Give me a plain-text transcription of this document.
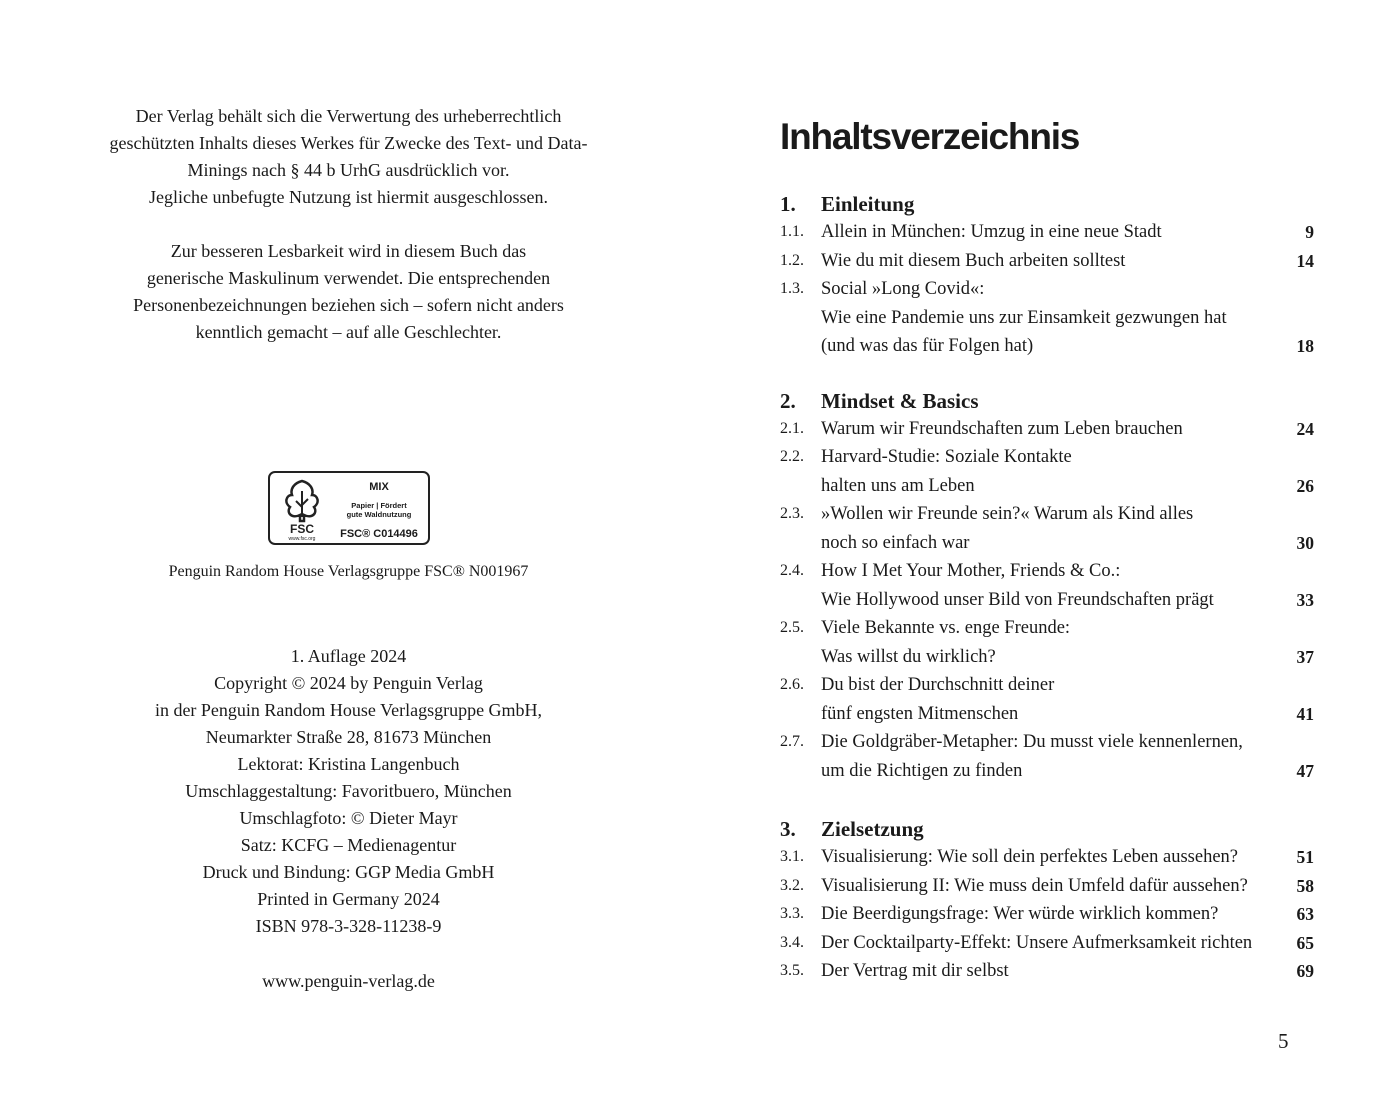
Der Verlag behält sich die Verwertung des urheberrechtlich
geschützten Inhalts dieses Werkes für Zwecke des Text- und Data-
Minings nach § 44 b UrhG ausdrücklich vor.
Jegliche unbefugte Nutzung ist hiermit ausgeschlossen.
Zur besseren Lesbarkeit wird in diesem Buch das
generische Maskulinum verwendet. Die entsprechenden
Personenbezeichnungen beziehen sich – sofern nicht anders
kenntlich gemacht – auf alle Geschlechter.
FSC
www.fsc.org
MIX
Papier | Fördert
gute Waldnutzung
FSC® C014496
Penguin Random House Verlagsgruppe FSC® N001967
1. Auflage 2024
Copyright © 2024 by Penguin Verlag
in der Penguin Random House Verlagsgruppe GmbH,
Neumarkter Straße 28, 81673 München
Lektorat: Kristina Langenbuch
Umschlaggestaltung: Favoritbuero, München
Umschlagfoto: © Dieter Mayr
Satz: KCFG – Medienagentur
Druck und Bindung: GGP Media GmbH
Printed in Germany 2024
ISBN 978-3-328-11238-9
www.penguin-verlag.de
Inhaltsverzeichnis
1.	Einleitung
1.1. Allein in München: Umzug in eine neue Stadt	9
1.2. Wie du mit diesem Buch arbeiten solltest	14
1.3. Social »Long Covid«:
Wie eine Pandemie uns zur Einsamkeit gezwungen hat
(und was das für Folgen hat)	18
2.	Mindset & Basics
2.1. Warum wir Freundschaften zum Leben brauchen	24
2.2. Harvard-Studie: Soziale Kontakte
halten uns am Leben	26
2.3. »Wollen wir Freunde sein?« Warum als Kind alles
noch so einfach war	30
2.4. How I Met Your Mother, Friends & Co.:
Wie Hollywood unser Bild von Freundschaften prägt	33
2.5. Viele Bekannte vs. enge Freunde:
Was willst du wirklich?	37
2.6. Du bist der Durchschnitt deiner
fünf engsten Mitmenschen	41
2.7. Die Goldgräber-Metapher: Du musst viele kennenlernen,
um die Richtigen zu finden	47
3.	Zielsetzung
3.1. Visualisierung: Wie soll dein perfektes Leben aussehen?	51
3.2. Visualisierung II: Wie muss dein Umfeld dafür aussehen?	58
3.3. Die Beerdigungsfrage: Wer würde wirklich kommen?	63
3.4. Der Cocktailparty-Effekt: Unsere Aufmerksamkeit richten	65
3.5. Der Vertrag mit dir selbst	69
5
